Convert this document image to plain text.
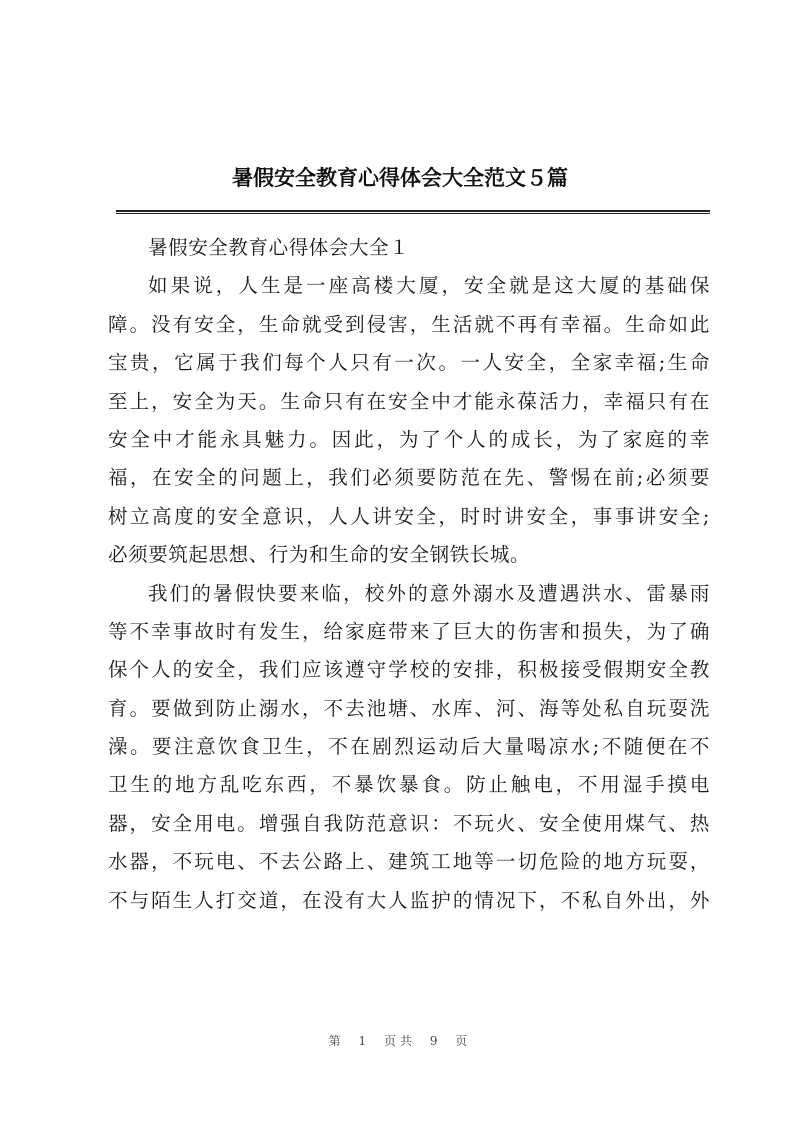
暑假安全教育心得体会大全范文５篇
暑假安全教育心得体会大全１
如果说，人生是一座高楼大厦，安全就是这大厦的基础保
障。没有安全，生命就受到侵害，生活就不再有幸福。生命如此
宝贵，它属于我们每个人只有一次。一人安全，全家幸福;生命
至上，安全为天。生命只有在安全中才能永葆活力，幸福只有在
安全中才能永具魅力。因此，为了个人的成长，为了家庭的幸
福，在安全的问题上，我们必须要防范在先、警惕在前;必须要
树立高度的安全意识，人人讲安全，时时讲安全，事事讲安全;
必须要筑起思想、行为和生命的安全钢铁长城。
我们的暑假快要来临，校外的意外溺水及遭遇洪水、雷暴雨
等不幸事故时有发生，给家庭带来了巨大的伤害和损失，为了确
保个人的安全，我们应该遵守学校的安排，积极接受假期安全教
育。要做到防止溺水，不去池塘、水库、河、海等处私自玩耍洗
澡。要注意饮食卫生，不在剧烈运动后大量喝凉水;不随便在不
卫生的地方乱吃东西，不暴饮暴食。防止触电，不用湿手摸电
器，安全用电。增强自我防范意识：不玩火、安全使用煤气、热
水器，不玩电、不去公路上、建筑工地等一切危险的地方玩耍，
不与陌生人打交道，在没有大人监护的情况下，不私自外出，外
第 1 页共 9 页
